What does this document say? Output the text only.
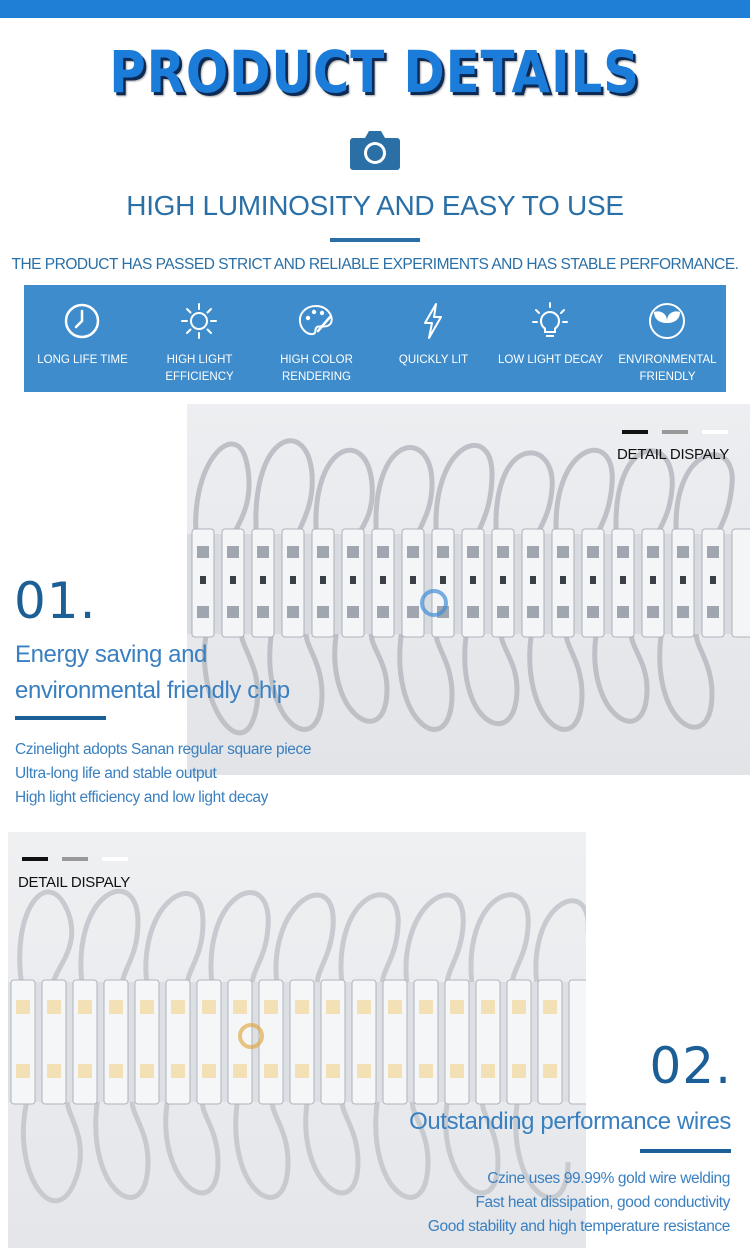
PRODUCT DETAILS
HIGH LUMINOSITY AND EASY TO USE
THE PRODUCT HAS PASSED STRICT AND RELIABLE EXPERIMENTS AND HAS STABLE PERFORMANCE.
LONG LIFE TIME	HIGH LIGHT
EFFICIENCY
HIGH COLOR
RENDERING
QUICKLY LIT	LOW LIGHT DECAY	ENVIRONMENTAL
FRIENDLY
DETAIL DISPALY
01.
Energy saving and
environmental friendly chip
Czinelight adopts Sanan regular square piece
Ultra-long life and stable output
High light efficiency and low light decay
DETAIL DISPALY
02.
Outstanding performance wires
Czine uses 99.99% gold wire welding
Fast heat dissipation, good conductivity
Good stability and high temperature resistance
